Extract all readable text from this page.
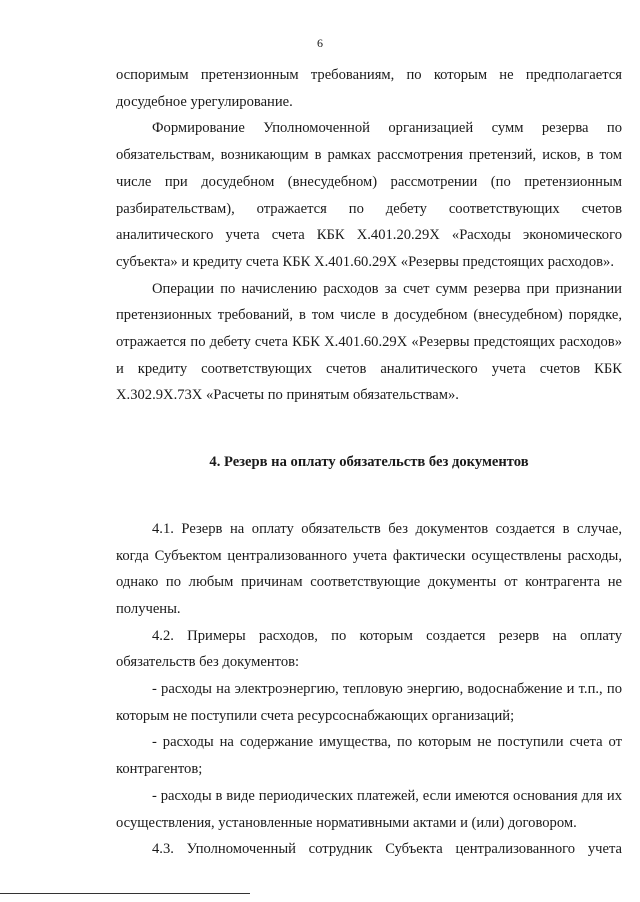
6

оспоримым претензионным требованиям, по которым не предполагается досудебное урегулирование.

Формирование Уполномоченной организацией сумм резерва по обязательствам, возникающим в рамках рассмотрения претензий, исков, в том числе при досудебном (внесудебном) рассмотрении (по претензионным разбирательствам), отражается по дебету соответствующих счетов аналитического учета счета КБК X.401.20.29X «Расходы экономического субъекта» и кредиту счета КБК X.401.60.29X «Резервы предстоящих расходов».

Операции по начислению расходов за счет сумм резерва при признании претензионных требований, в том числе в досудебном (внесудебном) порядке, отражается по дебету счета КБК X.401.60.29X «Резервы предстоящих расходов» и кредиту соответствующих счетов аналитического учета счетов КБК X.302.9X.73X «Расчеты по принятым обязательствам».

4. Резерв на оплату обязательств без документов

4.1. Резерв на оплату обязательств без документов создается в случае, когда Субъектом централизованного учета фактически осуществлены расходы, однако по любым причинам соответствующие документы от контрагента не получены.

4.2. Примеры расходов, по которым создается резерв на оплату обязательств без документов:

- расходы на электроэнергию, тепловую энергию, водоснабжение и т.п., по которым не поступили счета ресурсоснабжающих организаций;

- расходы на содержание имущества, по которым не поступили счета от контрагентов;

- расходы в виде периодических платежей, если имеются основания для их осуществления, установленные нормативными актами и (или) договором.

4.3. Уполномоченный сотрудник Субъекта централизованного учета
